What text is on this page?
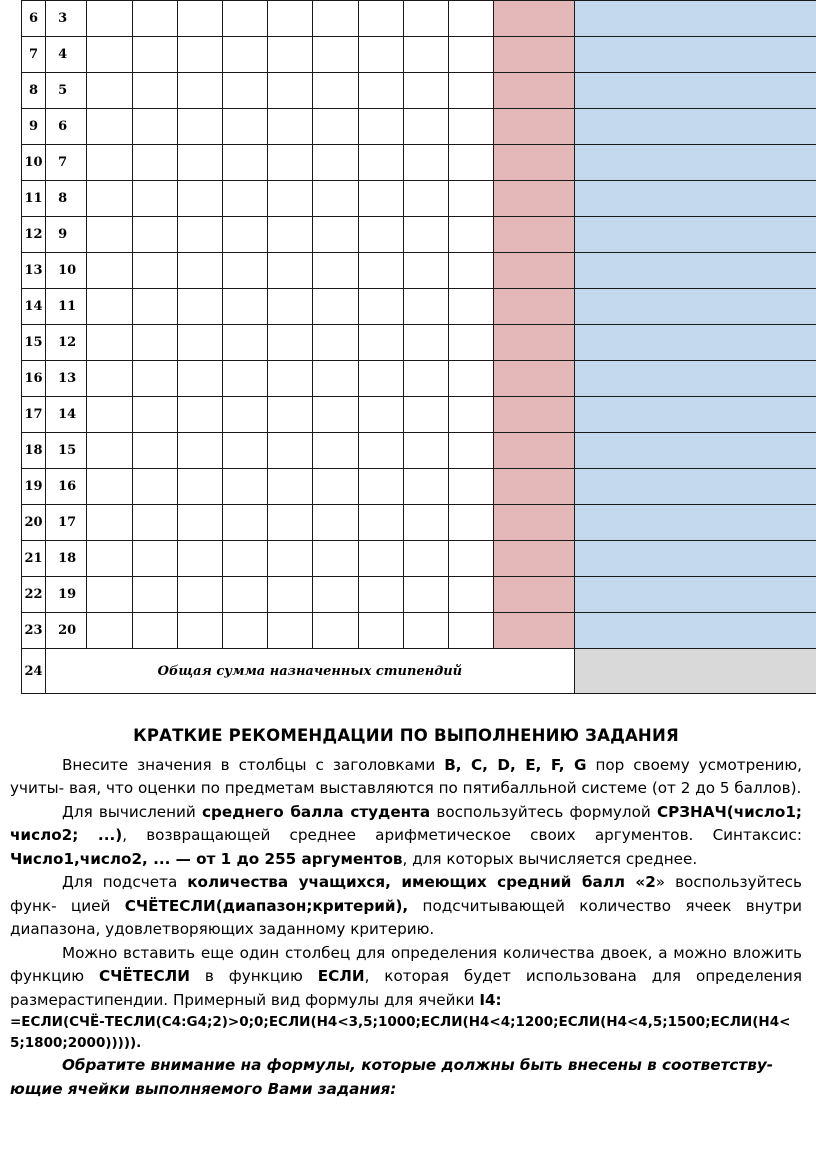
6	3											
7	4											
8	5											
9	6											
10	7											
11	8											
12	9											
13	10											
14	11											
15	12											
16	13											
17	14											
18	15											
19	16											
20	17											
21	18											
22	19											
23	20											
24	Общая сумма назначенных стипендий											
КРАТКИЕ РЕКОМЕНДАЦИИ ПО ВЫПОЛНЕНИЮ ЗАДАНИЯ

Внесите значения в столбцы с заголовками B, C, D, E, F, G пор своему усмотрению, учиты- вая, что оценки по предметам выставляются по пятибалльной системе (от 2 до 5 баллов).

Для вычислений среднего балла студента воспользуйтесь формулой СРЗНАЧ(число1; число2; ...), возвращающей среднее арифметическое своих аргументов. Синтаксис: Число1,число2, ... — от 1 до 255 аргументов, для которых вычисляется среднее.

Для подсчета количества учащихся, имеющих средний балл «2» воспользуйтесь функ- цией СЧЁТЕСЛИ(диапазон;критерий), подсчитывающей количество ячеек внутри диапазона, удовлетворяющих заданному критерию.

Можно вставить еще один столбец для определения количества двоек, а можно вложить функцию СЧЁТЕСЛИ в функцию ЕСЛИ, которая будет использована для определения размерастипендии. Примерный вид формулы для ячейки I4:

=ЕСЛИ(СЧЁ-ТЕСЛИ(C4:G4;2)>0;0;ЕСЛИ(H4<3,5;1000;ЕСЛИ(H4<4;1200;ЕСЛИ(H4<4,5;1500;ЕСЛИ(H4<5;1800;2000))))).

Обратите внимание на формулы, которые должны быть внесены в соответству-ющие ячейки выполняемого Вами задания:
